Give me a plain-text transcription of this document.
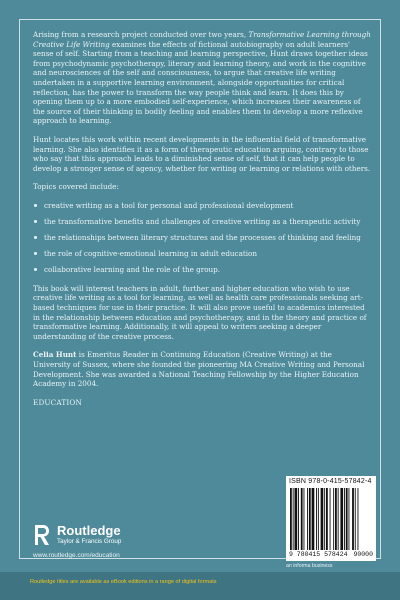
Arising from a research project conducted over two years, Transformative Learning through Creative Life Writing examines the effects of fictional autobiography on adult learners' sense of self. Starting from a teaching and learning perspective, Hunt draws together ideas from psychodynamic psychotherapy, literary and learning theory, and work in the cognitive and neurosciences of the self and consciousness, to argue that creative life writing undertaken in a supportive learning environment, alongside opportunities for critical reflection, has the power to transform the way people think and learn. It does this by opening them up to a more embodied self-experience, which increases their awareness of the source of their thinking in bodily feeling and enables them to develop a more reflexive approach to learning.

Hunt locates this work within recent developments in the influential field of transformative learning. She also identifies it as a form of therapeutic education arguing, contrary to those who say that this approach leads to a diminished sense of self, that it can help people to develop a stronger sense of agency, whether for writing or learning or relations with others.

Topics covered include:

creative writing as a tool for personal and professional development
the transformative benefits and challenges of creative writing as a therapeutic activity
the relationships between literary structures and the processes of thinking and feeling
the role of cognitive-emotional learning in adult education
collaborative learning and the role of the group.

This book will interest teachers in adult, further and higher education who wish to use creative life writing as a tool for learning, as well as health care professionals seeking art-based techniques for use in their practice. It will also prove useful to academics interested in the relationship between education and psychotherapy, and in the theory and practice of transformative learning. Additionally, it will appeal to writers seeking a deeper understanding of the creative process.

Celia Hunt is Emeritus Reader in Continuing Education (Creative Writing) at the University of Sussex, where she founded the pioneering MA Creative Writing and Personal Development. She was awarded a National Teaching Fellowship by the Higher Education Academy in 2004.

EDUCATION

Routledge
Taylor & Francis Group
www.routledge.com/education
ISBN 978-0-415-57842-4
9 780415 578424 90000
an informa business
Routledge titles are available as eBook editions in a range of digital formats
